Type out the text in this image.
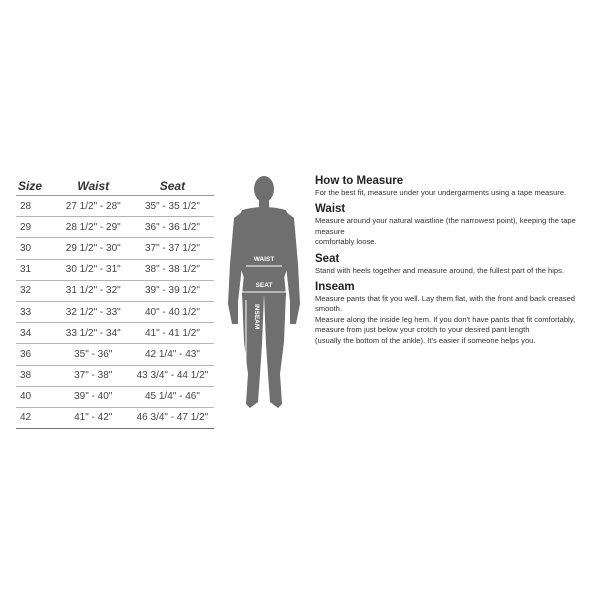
Size	Waist	Seat
28	27 1/2" - 28"	35" - 35 1/2"
29	28 1/2" - 29"	36" - 36 1/2"
30	29 1/2" - 30"	37" - 37 1/2"
31	30 1/2" - 31"	38" - 38 1/2"
32	31 1/2" - 32"	39" - 39 1/2"
33	32 1/2" - 33"	40" - 40 1/2"
34	33 1/2" - 34"	41" - 41 1/2"
36	35" - 36"	42 1/4" - 43"
38	37" - 38"	43 3/4" - 44 1/2"
40	39" - 40"	45 1/4" - 46"
42	41" - 42"	46 3/4" - 47 1/2"
WAIST
SEAT
INSEAM

How to Measure

For the best fit, measure under your undergarments using a tape measure.

Waist

Measure around your natural waistline (the narrowest point), keeping the tape measure
comfortably loose.

Seat

Stand with heels together and measure around, the fullest part of the hips.

Inseam

Measure pants that fit you well. Lay them flat, with the front and back creased smooth.
Measure along the inside leg hem. If you don't have pants that fit comfortably,
measure from just below your crotch to your desired pant length
(usually the bottom of the ankle). It's easier if someone helps you.
